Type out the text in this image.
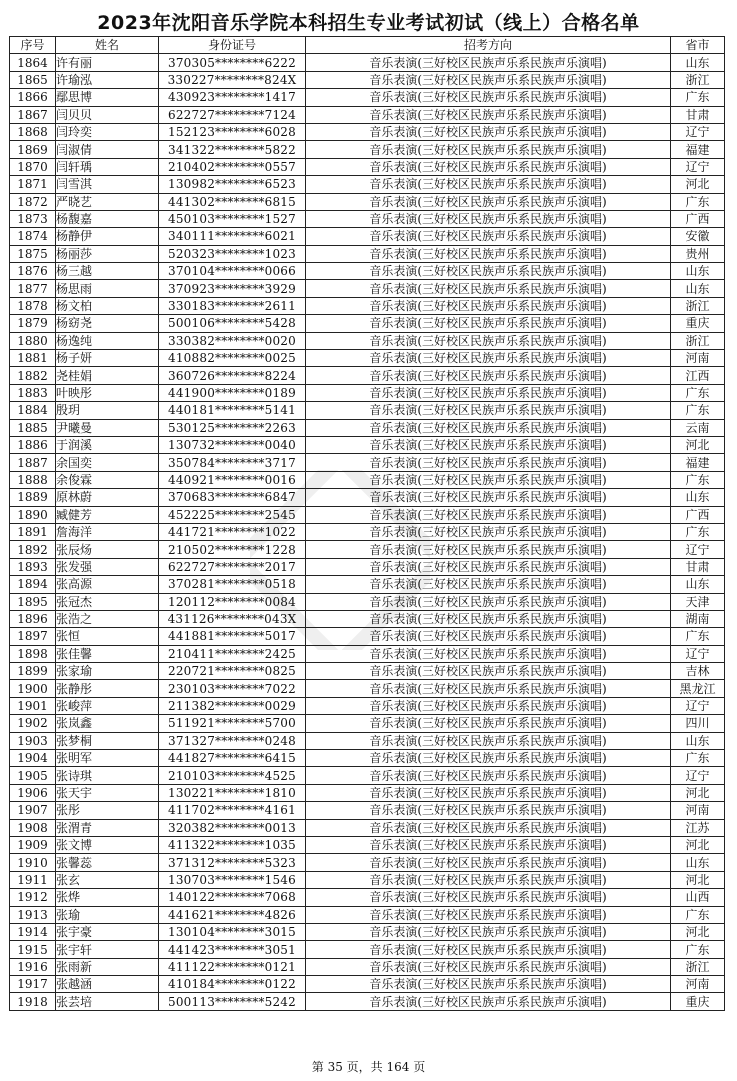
2023年沈阳音乐学院本科招生专业考试初试（线上）合格名单
序号	姓名	身份证号	招考方向	省市
1864	许有丽	370305********6222	音乐表演(三好校区民族声乐系民族声乐演唱)	山东
1865	许瑜泓	330227********824X	音乐表演(三好校区民族声乐系民族声乐演唱)	浙江
1866	鄢思博	430923********1417	音乐表演(三好校区民族声乐系民族声乐演唱)	广东
1867	闫贝贝	622727********7124	音乐表演(三好校区民族声乐系民族声乐演唱)	甘肃
1868	闫玲奕	152123********6028	音乐表演(三好校区民族声乐系民族声乐演唱)	辽宁
1869	闫淑倩	341322********5822	音乐表演(三好校区民族声乐系民族声乐演唱)	福建
1870	闫轩瑀	210402********0557	音乐表演(三好校区民族声乐系民族声乐演唱)	辽宁
1871	闫雪淇	130982********6523	音乐表演(三好校区民族声乐系民族声乐演唱)	河北
1872	严晓艺	441302********6815	音乐表演(三好校区民族声乐系民族声乐演唱)	广东
1873	杨馥嘉	450103********1527	音乐表演(三好校区民族声乐系民族声乐演唱)	广西
1874	杨静伊	340111********6021	音乐表演(三好校区民族声乐系民族声乐演唱)	安徽
1875	杨丽莎	520323********1023	音乐表演(三好校区民族声乐系民族声乐演唱)	贵州
1876	杨三越	370104********0066	音乐表演(三好校区民族声乐系民族声乐演唱)	山东
1877	杨思雨	370923********3929	音乐表演(三好校区民族声乐系民族声乐演唱)	山东
1878	杨文柏	330183********2611	音乐表演(三好校区民族声乐系民族声乐演唱)	浙江
1879	杨窈尧	500106********5428	音乐表演(三好校区民族声乐系民族声乐演唱)	重庆
1880	杨逸纯	330382********0020	音乐表演(三好校区民族声乐系民族声乐演唱)	浙江
1881	杨子妍	410882********0025	音乐表演(三好校区民族声乐系民族声乐演唱)	河南
1882	尧桂娟	360726********8224	音乐表演(三好校区民族声乐系民族声乐演唱)	江西
1883	叶映彤	441900********0189	音乐表演(三好校区民族声乐系民族声乐演唱)	广东
1884	殷玥	440181********5141	音乐表演(三好校区民族声乐系民族声乐演唱)	广东
1885	尹曦曼	530125********2263	音乐表演(三好校区民族声乐系民族声乐演唱)	云南
1886	于润溪	130732********0040	音乐表演(三好校区民族声乐系民族声乐演唱)	河北
1887	余国奕	350784********3717	音乐表演(三好校区民族声乐系民族声乐演唱)	福建
1888	余俊霖	440921********0016	音乐表演(三好校区民族声乐系民族声乐演唱)	广东
1889	原林蔚	370683********6847	音乐表演(三好校区民族声乐系民族声乐演唱)	山东
1890	臧健芳	452225********2545	音乐表演(三好校区民族声乐系民族声乐演唱)	广西
1891	詹海洋	441721********1022	音乐表演(三好校区民族声乐系民族声乐演唱)	广东
1892	张辰炀	210502********1228	音乐表演(三好校区民族声乐系民族声乐演唱)	辽宁
1893	张发强	622727********2017	音乐表演(三好校区民族声乐系民族声乐演唱)	甘肃
1894	张高源	370281********0518	音乐表演(三好校区民族声乐系民族声乐演唱)	山东
1895	张冠杰	120112********0084	音乐表演(三好校区民族声乐系民族声乐演唱)	天津
1896	张浩之	431126********043X	音乐表演(三好校区民族声乐系民族声乐演唱)	湖南
1897	张恒	441881********5017	音乐表演(三好校区民族声乐系民族声乐演唱)	广东
1898	张佳馨	210411********2425	音乐表演(三好校区民族声乐系民族声乐演唱)	辽宁
1899	张家瑜	220721********0825	音乐表演(三好校区民族声乐系民族声乐演唱)	吉林
1900	张静彤	230103********7022	音乐表演(三好校区民族声乐系民族声乐演唱)	黑龙江
1901	张峻萍	211382********0029	音乐表演(三好校区民族声乐系民族声乐演唱)	辽宁
1902	张岚鑫	511921********5700	音乐表演(三好校区民族声乐系民族声乐演唱)	四川
1903	张梦桐	371327********0248	音乐表演(三好校区民族声乐系民族声乐演唱)	山东
1904	张明军	441827********6415	音乐表演(三好校区民族声乐系民族声乐演唱)	广东
1905	张诗琪	210103********4525	音乐表演(三好校区民族声乐系民族声乐演唱)	辽宁
1906	张天宇	130221********1810	音乐表演(三好校区民族声乐系民族声乐演唱)	河北
1907	张彤	411702********4161	音乐表演(三好校区民族声乐系民族声乐演唱)	河南
1908	张渭青	320382********0013	音乐表演(三好校区民族声乐系民族声乐演唱)	江苏
1909	张文博	411322********1035	音乐表演(三好校区民族声乐系民族声乐演唱)	河北
1910	张馨蕊	371312********5323	音乐表演(三好校区民族声乐系民族声乐演唱)	山东
1911	张玄	130703********1546	音乐表演(三好校区民族声乐系民族声乐演唱)	河北
1912	张烨	140122********7068	音乐表演(三好校区民族声乐系民族声乐演唱)	山西
1913	张瑜	441621********4826	音乐表演(三好校区民族声乐系民族声乐演唱)	广东
1914	张宇豪	130104********3015	音乐表演(三好校区民族声乐系民族声乐演唱)	河北
1915	张宇轩	441423********3051	音乐表演(三好校区民族声乐系民族声乐演唱)	广东
1916	张雨新	411122********0121	音乐表演(三好校区民族声乐系民族声乐演唱)	浙江
1917	张越涵	410184********0122	音乐表演(三好校区民族声乐系民族声乐演唱)	河南
1918	张芸培	500113********5242	音乐表演(三好校区民族声乐系民族声乐演唱)	重庆
第 35 页，共 164 页
